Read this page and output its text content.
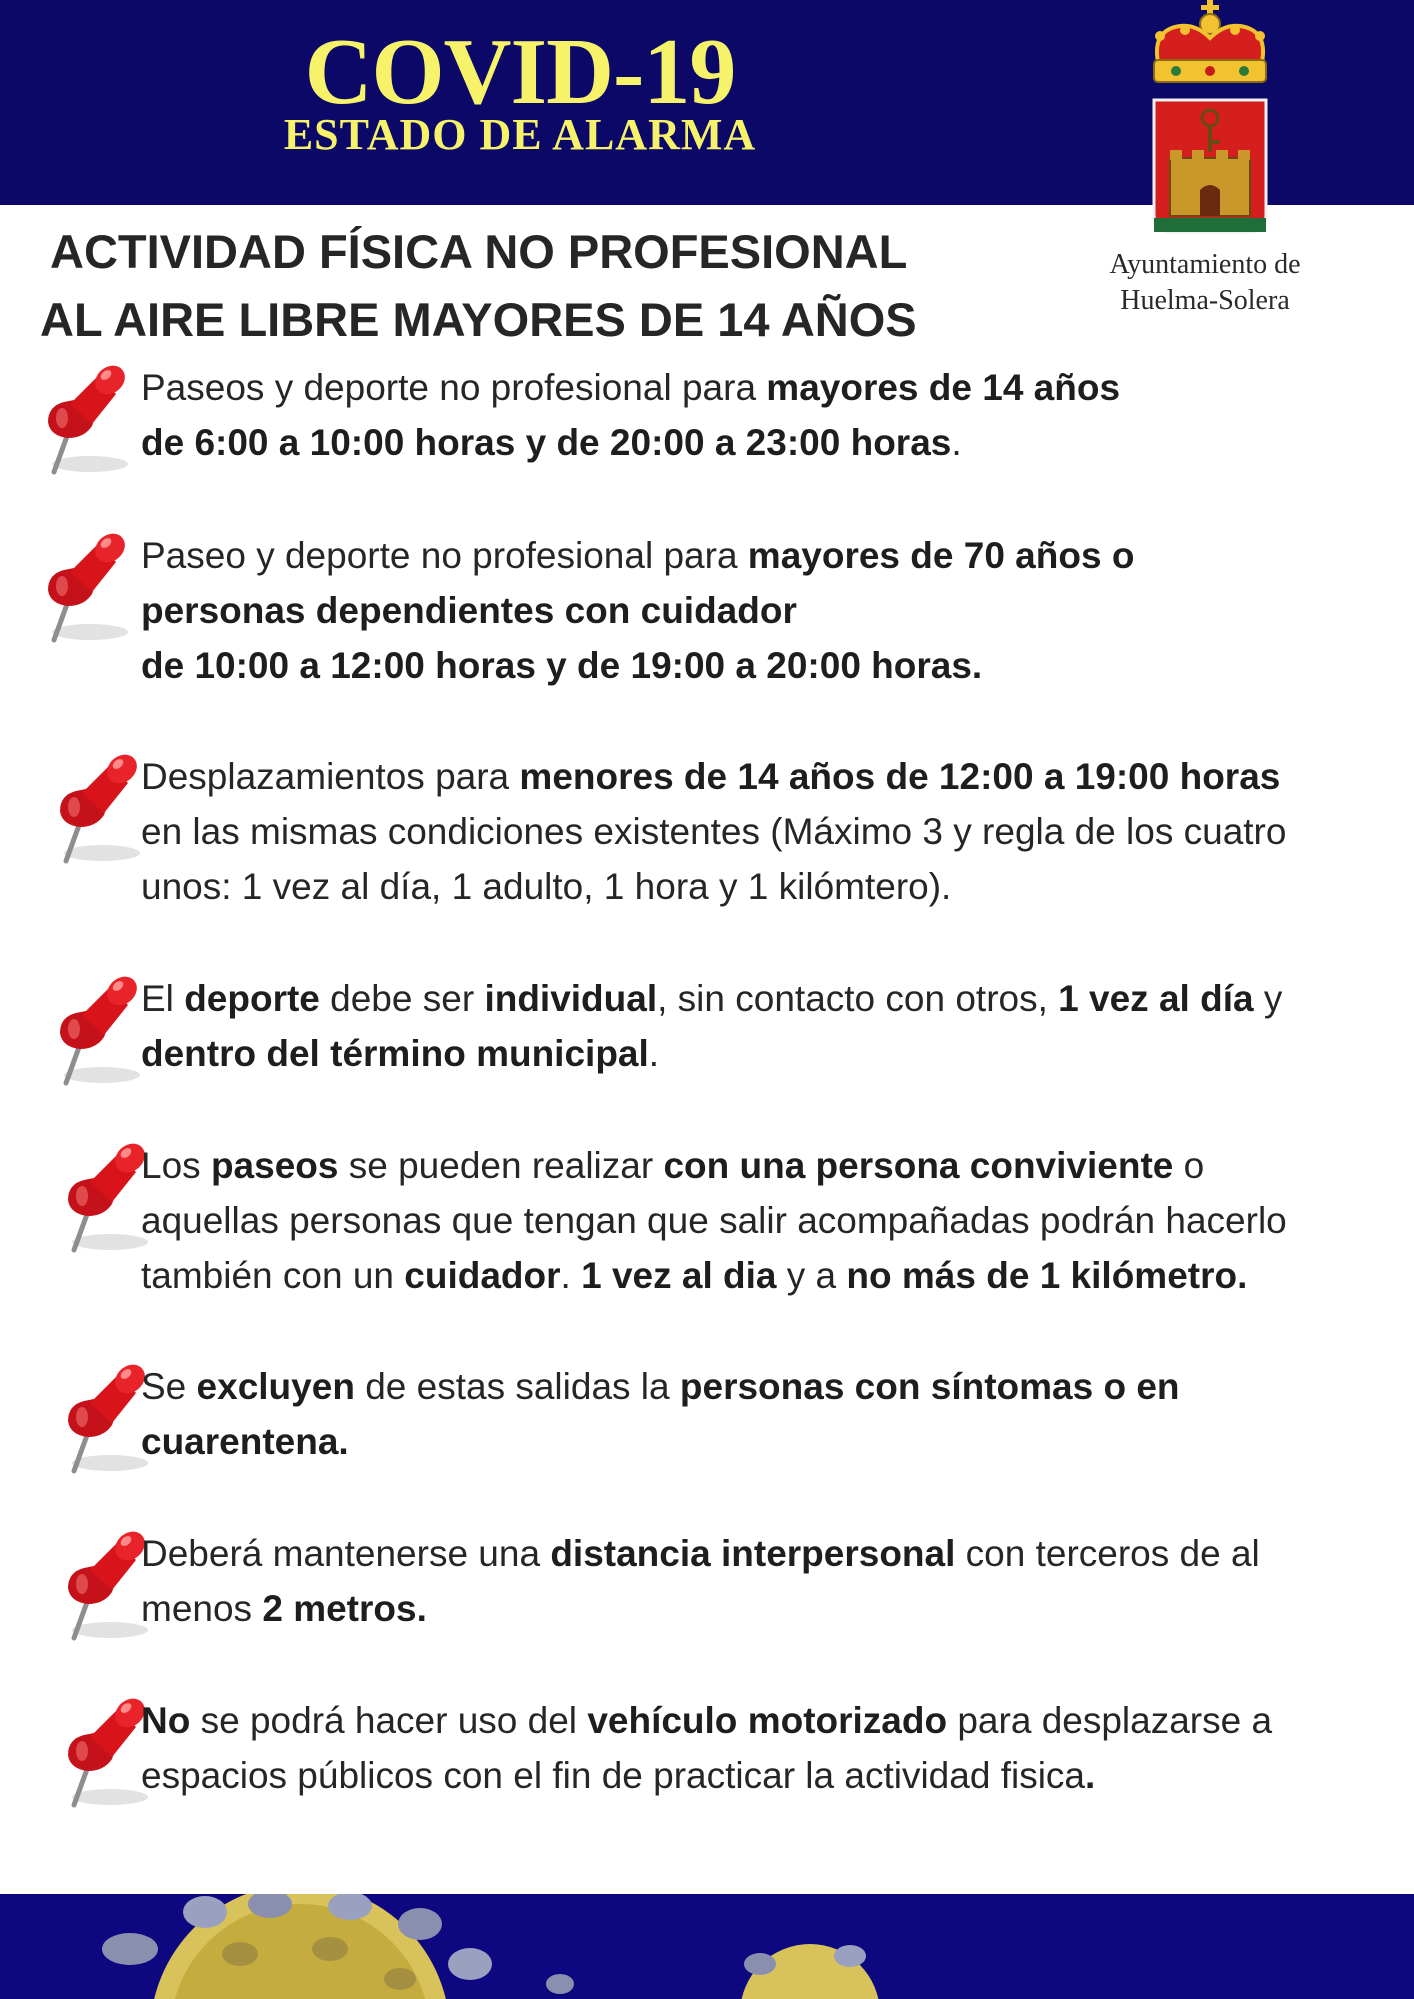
COVID-19
ESTADO DE ALARMA
Ayuntamiento de
Huelma-Solera
ACTIVIDAD FÍSICA NO PROFESIONAL
AL AIRE LIBRE MAYORES DE 14 AÑOS
Paseos y deporte no profesional para mayores de 14 años
de 6:00 a 10:00 horas y de 20:00 a 23:00 horas.
Paseo y deporte no profesional para mayores de 70 años o
personas dependientes con cuidador
de 10:00 a 12:00 horas y de 19:00 a 20:00 horas.
Desplazamientos para menores de 14 años de 12:00 a 19:00 horas
en las mismas condiciones existentes (Máximo 3 y regla de los cuatro
unos: 1 vez al día, 1 adulto, 1 hora y 1 kilómtero).
El deporte debe ser individual, sin contacto con otros, 1 vez al día y
dentro del término municipal.
Los paseos se pueden realizar con una persona conviviente o
aquellas personas que tengan que salir acompañadas podrán hacerlo
también con un cuidador. 1 vez al dia y a no más de 1 kilómetro.
Se excluyen de estas salidas la personas con síntomas o en
cuarentena.
Deberá mantenerse una distancia interpersonal con terceros de al
menos 2 metros.
No se podrá hacer uso del vehículo motorizado para desplazarse a
espacios públicos con el fin de practicar la actividad fisica.
